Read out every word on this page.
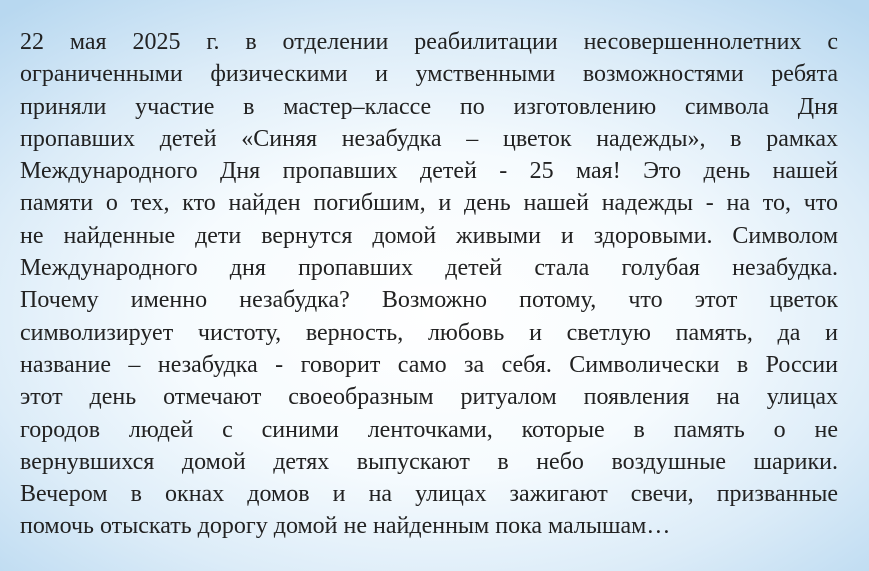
22 мая 2025 г. в отделении реабилитации несовершеннолетних с
ограниченными физическими и умственными возможностями ребята
приняли участие в мастер–классе по изготовлению символа Дня
пропавших детей «Синяя незабудка – цветок надежды», в рамках
Международного Дня пропавших детей - 25 мая! Это день нашей
памяти о тех, кто найден погибшим, и день нашей надежды - на то, что
не найденные дети вернутся домой живыми и здоровыми. Символом
Международного дня пропавших детей стала голубая незабудка.
Почему именно незабудка? Возможно потому, что этот цветок
символизирует чистоту, верность, любовь и светлую память, да и
название – незабудка - говорит само за себя. Символически в России
этот день отмечают своеобразным ритуалом появления на улицах
городов людей с синими ленточками, которые в память о не
вернувшихся домой детях выпускают в небо воздушные шарики.
Вечером в окнах домов и на улицах зажигают свечи, призванные
помочь отыскать дорогу домой не найденным пока малышам…
